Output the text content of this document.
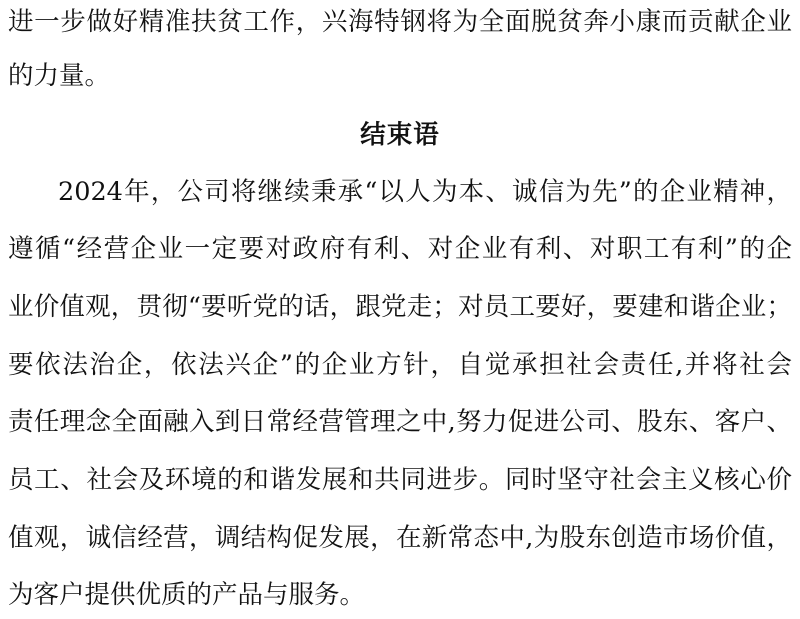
进一步做好精准扶贫工作，兴海特钢将为全面脱贫奔小康而贡献企业
的力量。
结束语
2024年，公司将继续秉承“以人为本、诚信为先”的企业精神，
遵循“经营企业一定要对政府有利、对企业有利、对职工有利”的企
业价值观，贯彻“要听党的话，跟党走；对员工要好，要建和谐企业；
要依法治企，依法兴企”的企业方针，自觉承担社会责任,并将社会
责任理念全面融入到日常经营管理之中,努力促进公司、股东、客户、
员工、社会及环境的和谐发展和共同进步。同时坚守社会主义核心价
值观，诚信经营，调结构促发展，在新常态中,为股东创造市场价值，
为客户提供优质的产品与服务。
